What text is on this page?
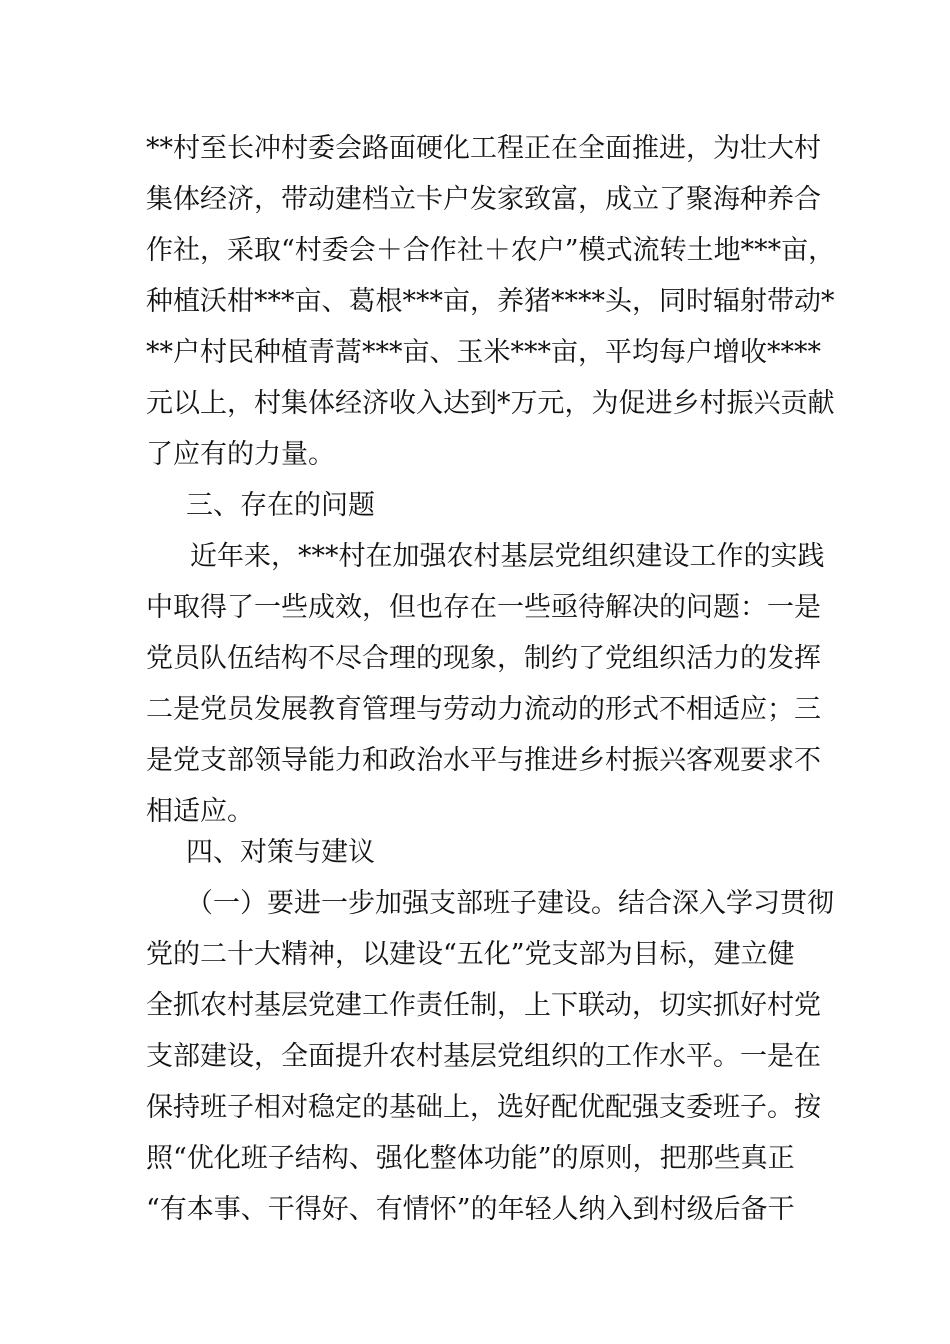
**村至长冲村委会路面硬化工程正在全面推进，为壮大村
集体经济，带动建档立卡户发家致富，成立了聚海种养合
作社，采取“村委会＋合作社＋农户”模式流转土地***亩，
种植沃柑***亩、葛根***亩，养猪****头，同时辐射带动*
**户村民种植青蒿***亩、玉米***亩，平均每户增收****
元以上，村集体经济收入达到*万元，为促进乡村振兴贡献
了应有的力量。
三、存在的问题
近年来，***村在加强农村基层党组织建设工作的实践
中取得了一些成效，但也存在一些亟待解决的问题：一是
党员队伍结构不尽合理的现象，制约了党组织活力的发挥
二是党员发展教育管理与劳动力流动的形式不相适应；三
是党支部领导能力和政治水平与推进乡村振兴客观要求不
相适应。
四、对策与建议
（一）要进一步加强支部班子建设。结合深入学习贯彻
党的二十大精神，以建设“五化”党支部为目标，建立健
全抓农村基层党建工作责任制，上下联动，切实抓好村党
支部建设，全面提升农村基层党组织的工作水平。一是在
保持班子相对稳定的基础上，选好配优配强支委班子。按
照“优化班子结构、强化整体功能”的原则，把那些真正
“有本事、干得好、有情怀”的年轻人纳入到村级后备干
